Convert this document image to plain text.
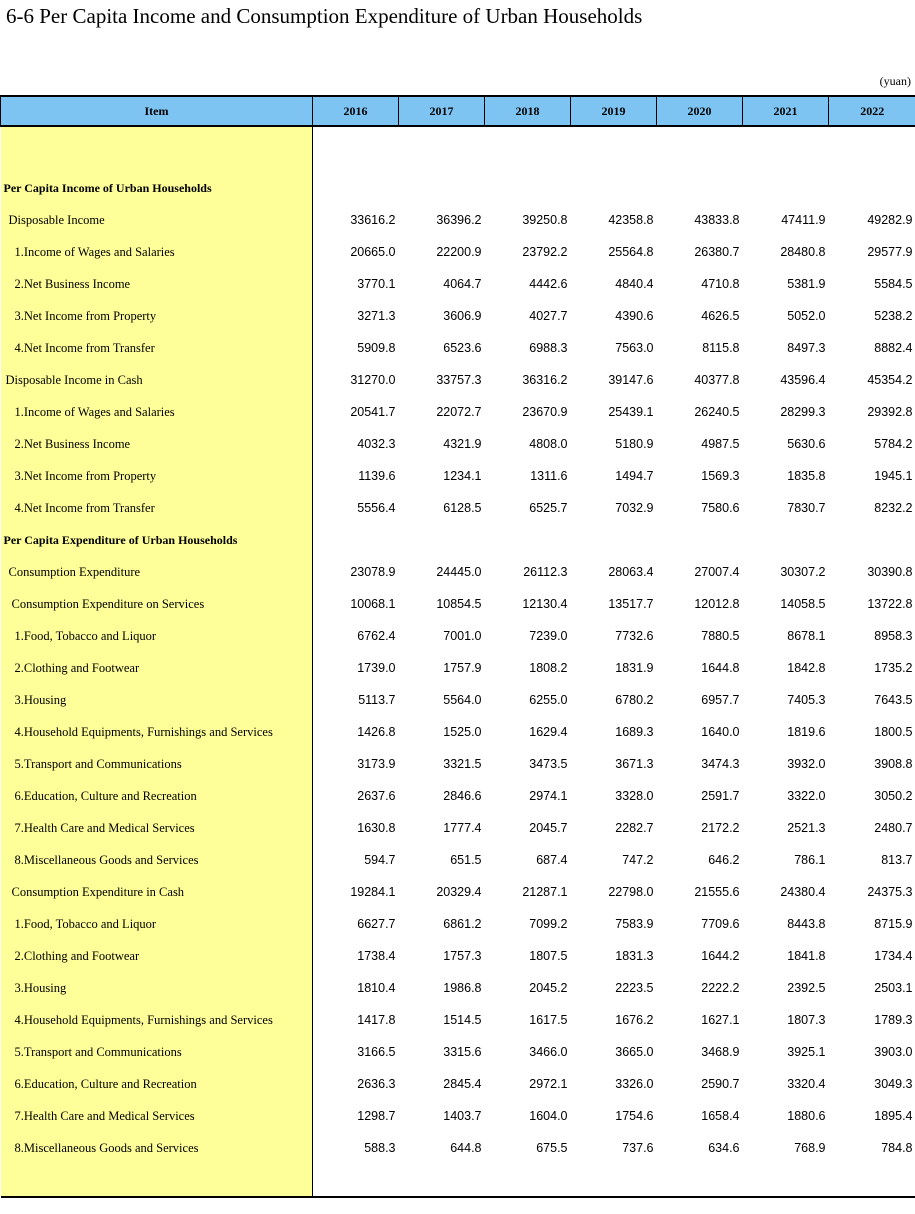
6-6 Per Capita Income and Consumption Expenditure of Urban Households
(yuan)
Item	2016	2017	2018	2019	2020	2021	2022

Per Capita Income of Urban Households							
Disposable Income	33616.2	36396.2	39250.8	42358.8	43833.8	47411.9	49282.9
1.Income of Wages and Salaries	20665.0	22200.9	23792.2	25564.8	26380.7	28480.8	29577.9
2.Net Business Income	3770.1	4064.7	4442.6	4840.4	4710.8	5381.9	5584.5
3.Net Income from Property	3271.3	3606.9	4027.7	4390.6	4626.5	5052.0	5238.2
4.Net Income from Transfer	5909.8	6523.6	6988.3	7563.0	8115.8	8497.3	8882.4
Disposable Income in Cash	31270.0	33757.3	36316.2	39147.6	40377.8	43596.4	45354.2
1.Income of Wages and Salaries	20541.7	22072.7	23670.9	25439.1	26240.5	28299.3	29392.8
2.Net Business Income	4032.3	4321.9	4808.0	5180.9	4987.5	5630.6	5784.2
3.Net Income from Property	1139.6	1234.1	1311.6	1494.7	1569.3	1835.8	1945.1
4.Net Income from Transfer	5556.4	6128.5	6525.7	7032.9	7580.6	7830.7	8232.2
Per Capita Expenditure of Urban Households							
Consumption Expenditure	23078.9	24445.0	26112.3	28063.4	27007.4	30307.2	30390.8
Consumption Expenditure on Services	10068.1	10854.5	12130.4	13517.7	12012.8	14058.5	13722.8
1.Food, Tobacco and Liquor	6762.4	7001.0	7239.0	7732.6	7880.5	8678.1	8958.3
2.Clothing and Footwear	1739.0	1757.9	1808.2	1831.9	1644.8	1842.8	1735.2
3.Housing	5113.7	5564.0	6255.0	6780.2	6957.7	7405.3	7643.5
4.Household Equipments, Furnishings and Services	1426.8	1525.0	1629.4	1689.3	1640.0	1819.6	1800.5
5.Transport and Communications	3173.9	3321.5	3473.5	3671.3	3474.3	3932.0	3908.8
6.Education, Culture and Recreation	2637.6	2846.6	2974.1	3328.0	2591.7	3322.0	3050.2
7.Health Care and Medical Services	1630.8	1777.4	2045.7	2282.7	2172.2	2521.3	2480.7
8.Miscellaneous Goods and Services	594.7	651.5	687.4	747.2	646.2	786.1	813.7
Consumption Expenditure in Cash	19284.1	20329.4	21287.1	22798.0	21555.6	24380.4	24375.3
1.Food, Tobacco and Liquor	6627.7	6861.2	7099.2	7583.9	7709.6	8443.8	8715.9
2.Clothing and Footwear	1738.4	1757.3	1807.5	1831.3	1644.2	1841.8	1734.4
3.Housing	1810.4	1986.8	2045.2	2223.5	2222.2	2392.5	2503.1
4.Household Equipments, Furnishings and Services	1417.8	1514.5	1617.5	1676.2	1627.1	1807.3	1789.3
5.Transport and Communications	3166.5	3315.6	3466.0	3665.0	3468.9	3925.1	3903.0
6.Education, Culture and Recreation	2636.3	2845.4	2972.1	3326.0	2590.7	3320.4	3049.3
7.Health Care and Medical Services	1298.7	1403.7	1604.0	1754.6	1658.4	1880.6	1895.4
8.Miscellaneous Goods and Services	588.3	644.8	675.5	737.6	634.6	768.9	784.8
